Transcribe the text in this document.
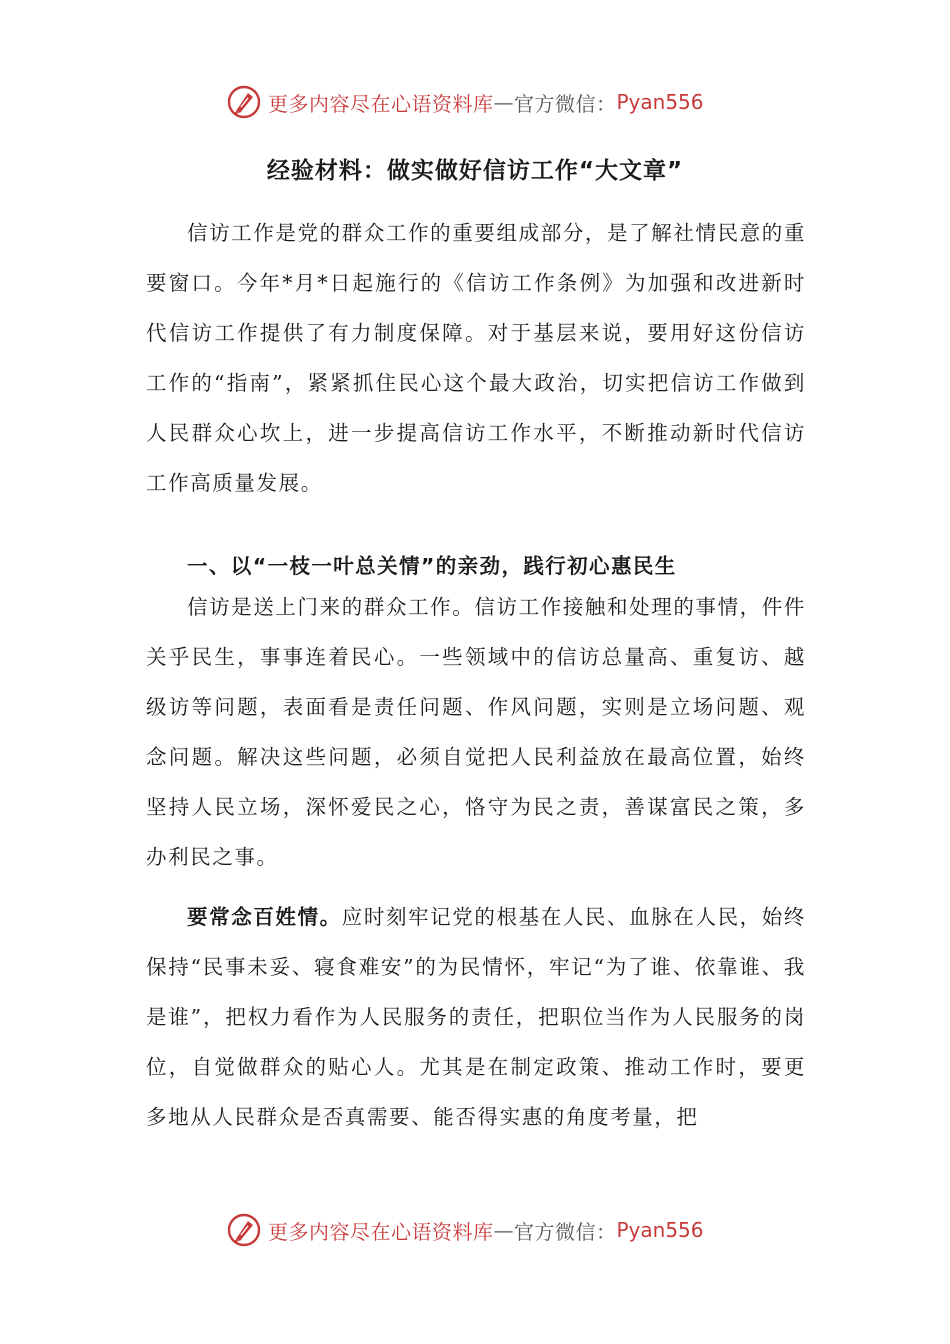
更多内容尽在心语资料库 — 官方微信： Pyan556
经验材料：做实做好信访工作“大文章”

信访工作是党的群众工作的重要组成部分，是了解社情民意的重要窗口。今年*月*日起施行的《信访工作条例》为加强和改进新时代信访工作提供了有力制度保障。对于基层来说，要用好这份信访工作的“指南”，紧紧抓住民心这个最大政治，切实把信访工作做到人民群众心坎上，进一步提高信访工作水平，不断推动新时代信访工作高质量发展。

一、以“一枝一叶总关情”的亲劲，践行初心惠民生

信访是送上门来的群众工作。信访工作接触和处理的事情，件件关乎民生，事事连着民心。一些领域中的信访总量高、重复访、越级访等问题，表面看是责任问题、作风问题，实则是立场问题、观念问题。解决这些问题，必须自觉把人民利益放在最高位置，始终坚持人民立场，深怀爱民之心，恪守为民之责，善谋富民之策，多办利民之事。

要常念百姓情。应时刻牢记党的根基在人民、血脉在人民，始终保持“民事未妥、寝食难安”的为民情怀，牢记“为了谁、依靠谁、我是谁”，把权力看作为人民服务的责任，把职位当作为人民服务的岗位，自觉做群众的贴心人。尤其是在制定政策、推动工作时，要更多地从人民群众是否真需要、能否得实惠的角度考量，把

更多内容尽在心语资料库 — 官方微信： Pyan556
